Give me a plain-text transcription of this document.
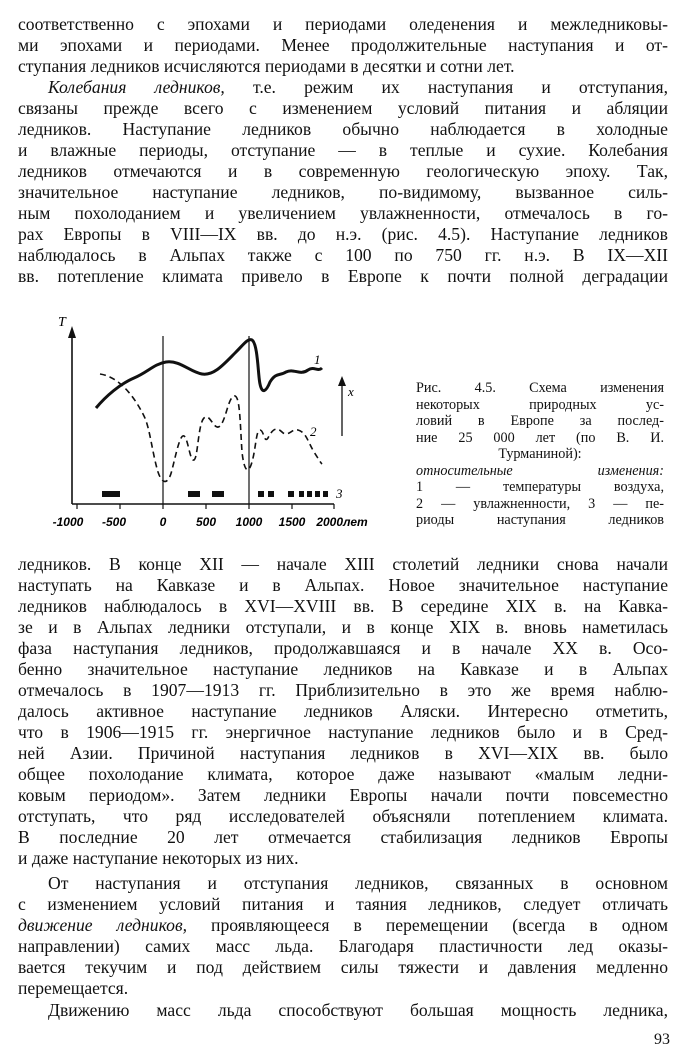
соответственно с эпохами и периодами оледенения и межледниковы-
ми эпохами и периодами. Менее продолжительные наступания и от-
ступания ледников исчисляются периодами в десятки и сотни лет.
Колебания ледников, т.е. режим их наступания и отступания,
связаны прежде всего с изменением условий питания и абляции
ледников. Наступание ледников обычно наблюдается в холодные
и влажные периоды, отступание — в теплые и сухие. Колебания
ледников отмечаются и в современную геологическую эпоху. Так,
значительное наступание ледников, по-видимому, вызванное силь-
ным похолоданием и увеличением увлажненности, отмечалось в го-
рах Европы в VIII—IX вв. до н.э. (рис. 4.5). Наступание ледников
наблюдалось в Альпах также с 100 по 750 гг. н.э. В IX—XII
вв. потепление климата привело в Европе к почти полной деградации
T
x
1
2
3
-1000 -500	0 500 1000 1500 2000лет
Рис. 4.5. Схема изменения
некоторых природных ус-
ловий в Европе за послед-
ние 25 000 лет (по В. И.
Турманиной):
относительные изменения:
1 — температуры воздуха,
2 — увлажненности, 3 — пе-
риоды наступания ледников
ледников. В конце XII — начале XIII столетий ледники снова начали
наступать на Кавказе и в Альпах. Новое значительное наступание
ледников наблюдалось в XVI—XVIII вв. В середине XIX в. на Кавка-
зе и в Альпах ледники отступали, и в конце XIX в. вновь наметилась
фаза наступания ледников, продолжавшаяся и в начале XX в. Осо-
бенно значительное наступание ледников на Кавказе и в Альпах
отмечалось в 1907—1913 гг. Приблизительно в это же время наблю-
далось активное наступание ледников Аляски. Интересно отметить,
что в 1906—1915 гг. энергичное наступание ледников было и в Сред-
ней Азии. Причиной наступания ледников в XVI—XIX вв. было
общее похолодание климата, которое даже называют «малым ледни-
ковым периодом». Затем ледники Европы начали почти повсеместно
отступать, что ряд исследователей объясняли потеплением климата.
В последние 20 лет отмечается стабилизация ледников Европы
и даже наступание некоторых из них.
От наступания и отступания ледников, связанных в основном
с изменением условий питания и таяния ледников, следует отличать
движение ледников, проявляющееся в перемещении (всегда в одном
направлении) самих масс льда. Благодаря пластичности лед оказы-
вается текучим и под действием силы тяжести и давления медленно
перемещается.
Движению масс льда способствуют большая мощность ледника,
93
